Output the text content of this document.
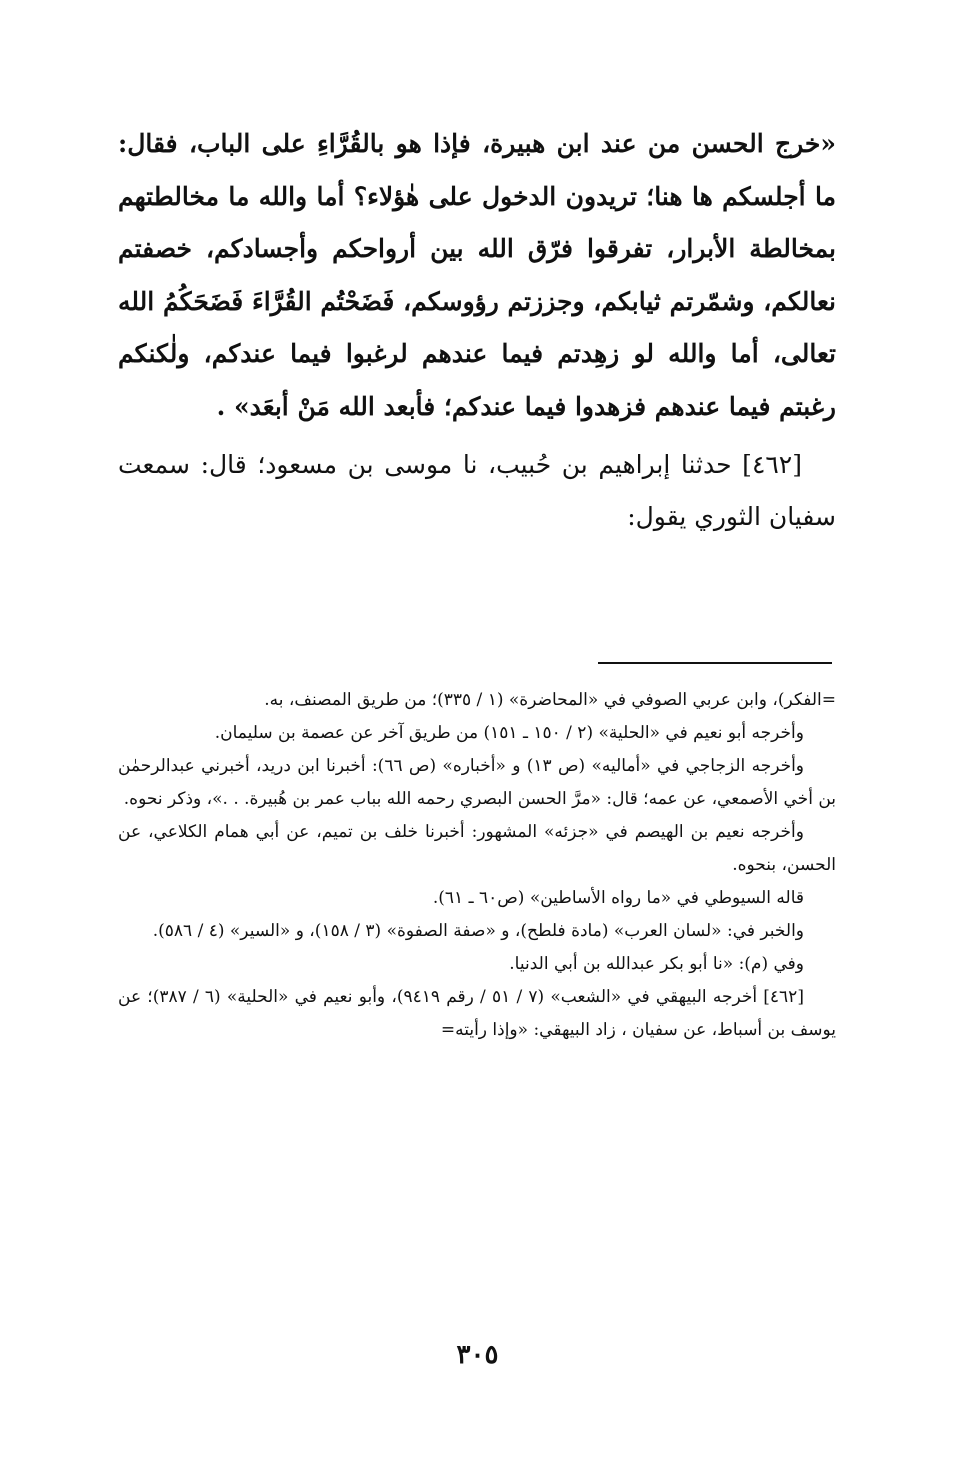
«خرج الحسن من عند ابن هبيرة، فإذا هو بالقُرَّاءِ على الباب، فقال: ما أجلسكم ها هنا؛ تريدون الدخول على هٰؤلاء؟ أما والله ما مخالطتهم بمخالطة الأبرار، تفرقوا فرّق الله بين أرواحكم وأجسادكم، خصفتم نعالكم، وشمّرتم ثيابكم، وجززتم رؤوسكم، فَضَحْتُم القُرَّاءَ فَضَحَكُمُ الله تعالى، أما والله لو زهِدتم فيما عندهم لرغبوا فيما عندكم، ولٰكنكم رغبتم فيما عندهم فزهدوا فيما عندكم؛ فأبعد الله مَنْ أبعَد» .

[٤٦٢] حدثنا إبراهيم بن حُبيب، نا موسى بن مسعود؛ قال: سمعت سفيان الثوري يقول:

=الفكر)، وابن عربي الصوفي في «المحاضرة» (١ / ٣٣٥)؛ من طريق المصنف، به.

وأخرجه أبو نعيم في «الحلية» (٢ / ١٥٠ ـ ١٥١) من طريق آخر عن عصمة بن سليمان.

وأخرجه الزجاجي في «أماليه» (ص ١٣) و «أخباره» (ص ٦٦): أخبرنا ابن دريد، أخبرني عبدالرحمٰن بن أخي الأصمعي، عن عمه؛ قال: «مرَّ الحسن البصري رحمه الله بباب عمر بن هُبيرة. . .»، وذكر نحوه.

وأخرجه نعيم بن الهيصم في «جزئه» المشهور: أخبرنا خلف بن تميم، عن أبي همام الكلاعي، عن الحسن، بنحوه.

قاله السيوطي في «ما رواه الأساطين» (ص٦٠ ـ ٦١).

والخبر في: «لسان العرب» (مادة فلطح)، و «صفة الصفوة» (٣ / ١٥٨)، و «السير» (٤ / ٥٨٦).

وفي (م): «نا أبو بكر عبدالله بن أبي الدنيا.

[٤٦٢] أخرجه البيهقي في «الشعب» (٧ / ٥١ / رقم ٩٤١٩)، وأبو نعيم في «الحلية» (٦ / ٣٨٧)؛ عن يوسف بن أسباط، عن سفيان ، زاد البيهقي: «وإذا رأيته=

٣٠٥
